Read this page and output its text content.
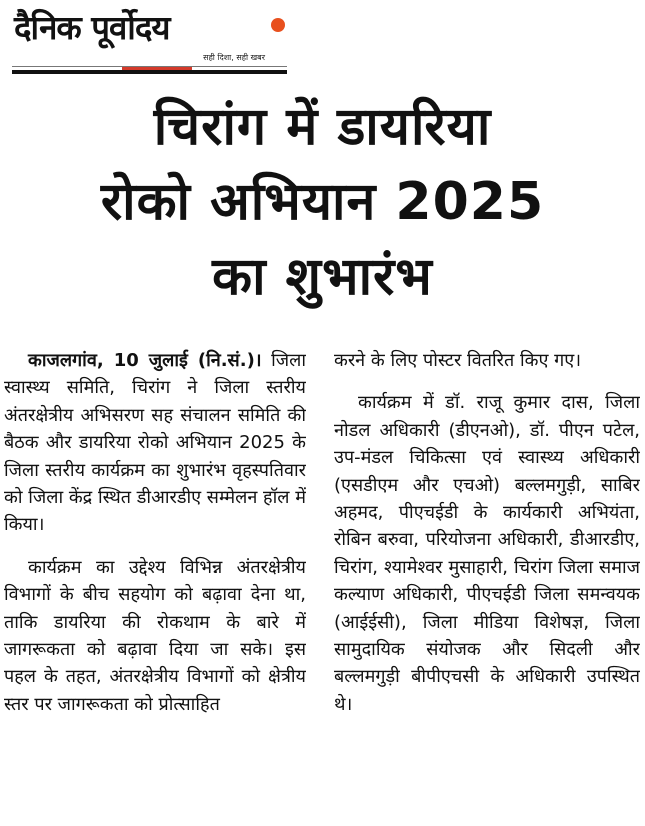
दैनिक पूर्वोदय
सही दिशा, सही खबर
चिरांग में डायरिया
रोको अभियान 2025
का शुभारंभ

काजलगांव, 10 जुलाई (नि.सं.)। जिला स्वास्थ्य समिति, चिरांग ने जिला स्तरीय अंतरक्षेत्रीय अभिसरण सह संचालन समिति की बैठक और डायरिया रोको अभियान 2025 के जिला स्तरीय कार्यक्रम का शुभारंभ वृहस्पतिवार को जिला केंद्र स्थित डीआरडीए सम्मेलन हॉल में किया।

कार्यक्रम का उद्देश्य विभिन्न अंतरक्षेत्रीय विभागों के बीच सहयोग को बढ़ावा देना था, ताकि डायरिया की रोकथाम के बारे में जागरूकता को बढ़ावा दिया जा सके। इस पहल के तहत, अंतरक्षेत्रीय विभागों को क्षेत्रीय स्तर पर जागरूकता को प्रोत्साहित

करने के लिए पोस्टर वितरित किए गए।

कार्यक्रम में डॉ. राजू कुमार दास, जिला नोडल अधिकारी (डीएनओ), डॉ. पीएन पटेल, उप-मंडल चिकित्सा एवं स्वास्थ्य अधिकारी (एसडीएम और एचओ) बल्लमगुड़ी, साबिर अहमद, पीएचईडी के कार्यकारी अभियंता, रोबिन बरुवा, परियोजना अधिकारी, डीआरडीए, चिरांग, श्यामेश्वर मुसाहारी, चिरांग जिला समाज कल्याण अधिकारी, पीएचईडी जिला समन्वयक (आईईसी), जिला मीडिया विशेषज्ञ, जिला सामुदायिक संयोजक और सिदली और बल्लमगुड़ी बीपीएचसी के अधिकारी उपस्थित थे।
